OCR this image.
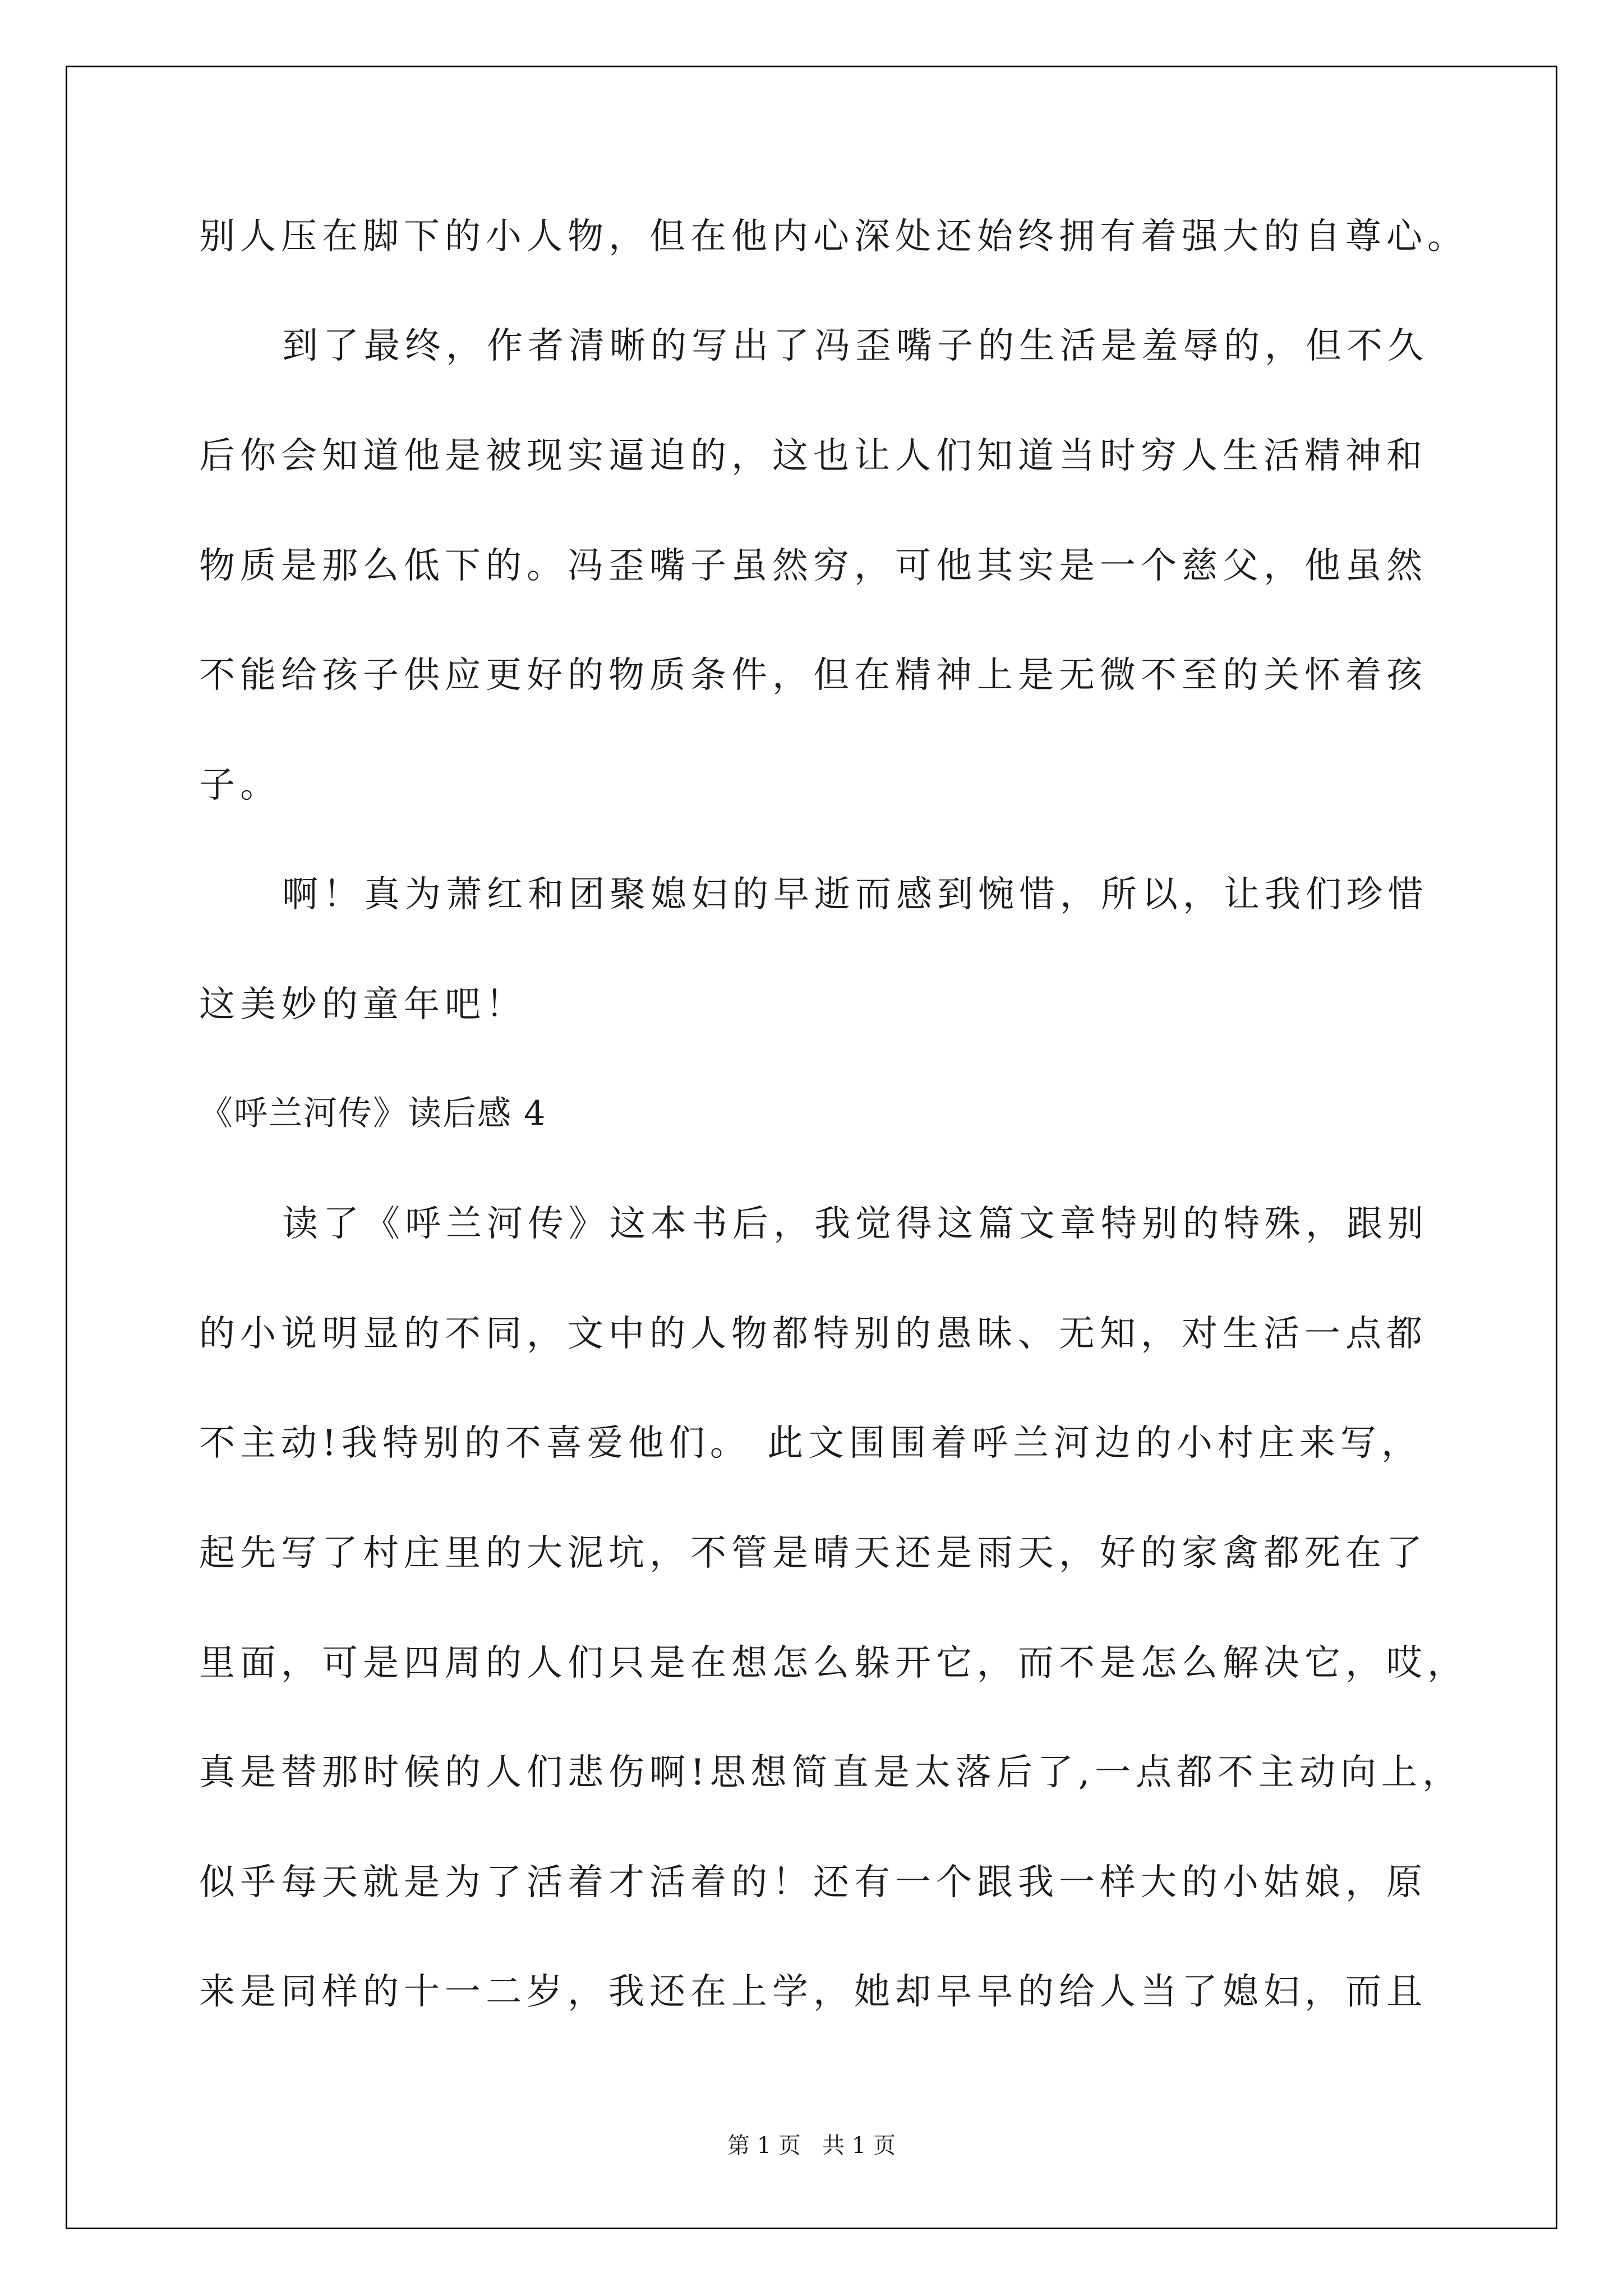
别人压在脚下的小人物，但在他内心深处还始终拥有着强大的自尊心。
到了最终，作者清晰的写出了冯歪嘴子的生活是羞辱的，但不久
后你会知道他是被现实逼迫的，这也让人们知道当时穷人生活精神和
物质是那么低下的。冯歪嘴子虽然穷，可他其实是一个慈父，他虽然
不能给孩子供应更好的物质条件，但在精神上是无微不至的关怀着孩
子。
啊！真为萧红和团聚媳妇的早逝而感到惋惜，所以，让我们珍惜
这美妙的童年吧！
《呼兰河传》读后感 4
读了《呼兰河传》这本书后，我觉得这篇文章特别的特殊，跟别
的小说明显的不同，文中的人物都特别的愚昧、无知，对生活一点都
不主动!我特别的不喜爱他们。 此文围围着呼兰河边的小村庄来写，
起先写了村庄里的大泥坑，不管是晴天还是雨天，好的家禽都死在了
里面，可是四周的人们只是在想怎么躲开它，而不是怎么解决它，哎，
真是替那时候的人们悲伤啊!思想简直是太落后了,一点都不主动向上，
似乎每天就是为了活着才活着的！还有一个跟我一样大的小姑娘，原
来是同样的十一二岁，我还在上学，她却早早的给人当了媳妇，而且
第 1 页   共 1 页
